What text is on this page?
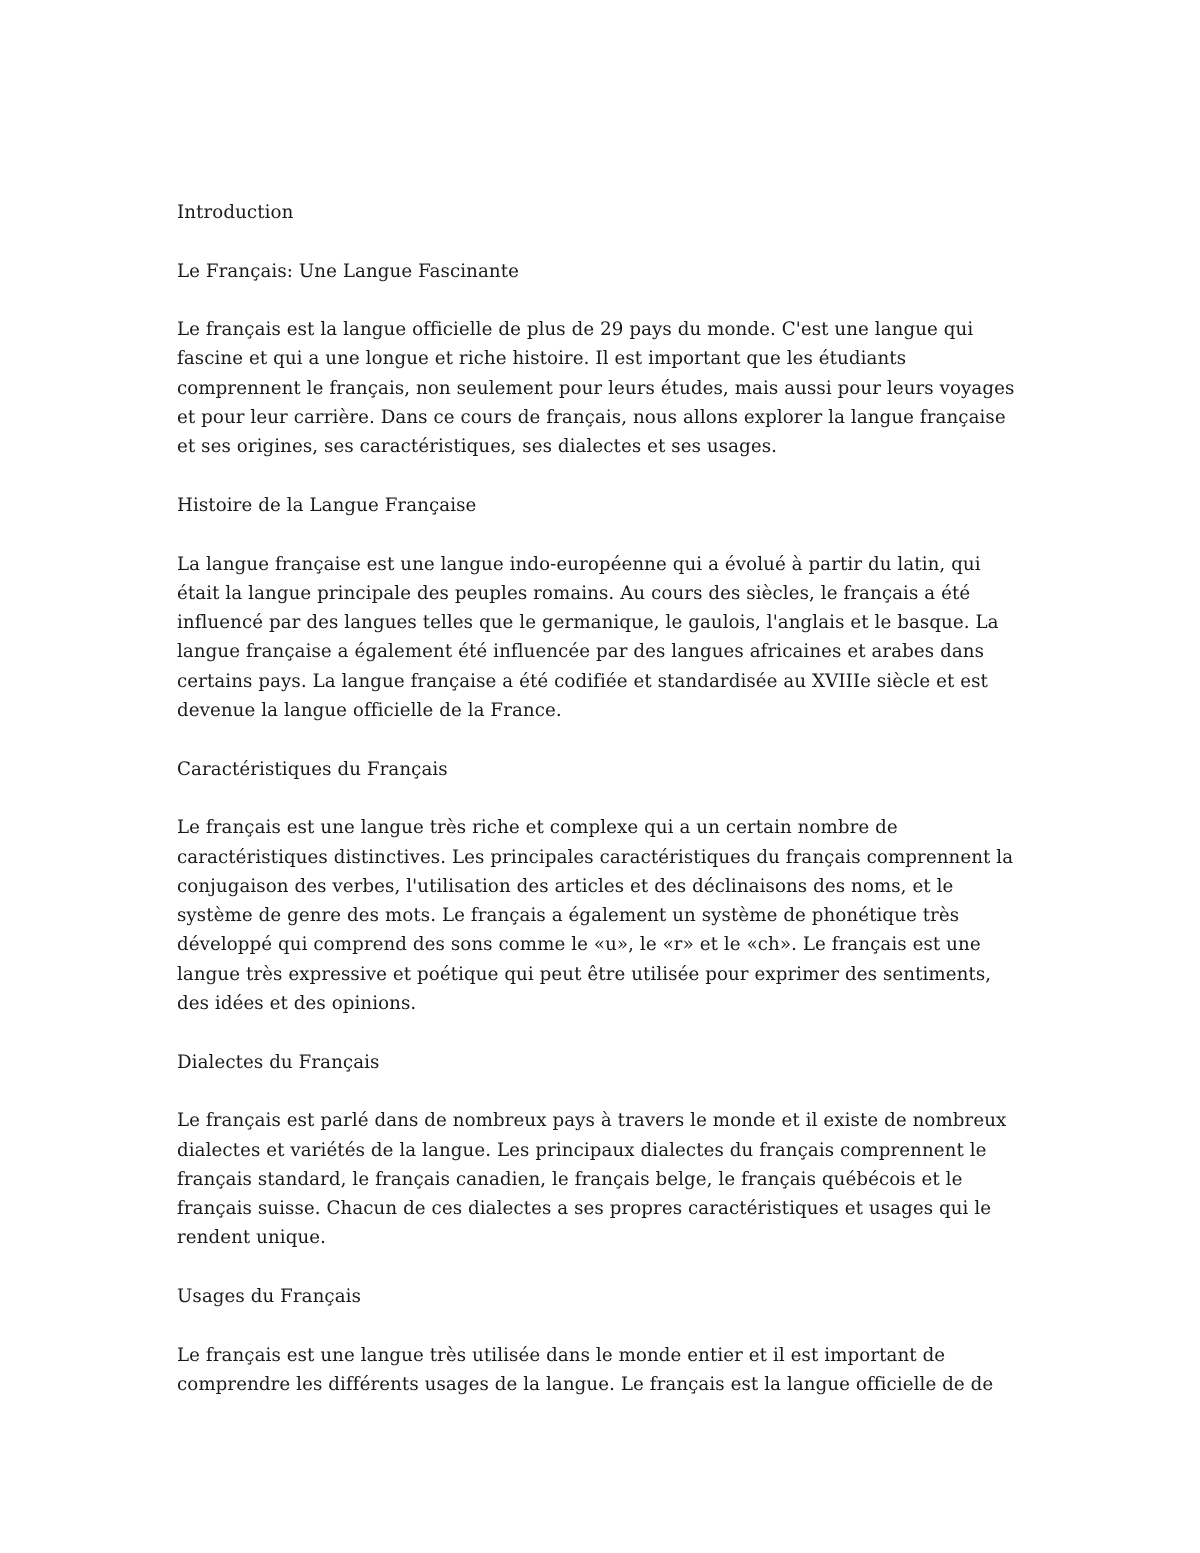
Introduction

Le Français: Une Langue Fascinante

Le français est la langue officielle de plus de 29 pays du monde. C'est une langue qui fascine et qui a une longue et riche histoire. Il est important que les étudiants comprennent le français, non seulement pour leurs études, mais aussi pour leurs voyages et pour leur carrière. Dans ce cours de français, nous allons explorer la langue française et ses origines, ses caractéristiques, ses dialectes et ses usages.

Histoire de la Langue Française

La langue française est une langue indo-européenne qui a évolué à partir du latin, qui était la langue principale des peuples romains. Au cours des siècles, le français a été influencé par des langues telles que le germanique, le gaulois, l'anglais et le basque. La langue française a également été influencée par des langues africaines et arabes dans certains pays. La langue française a été codifiée et standardisée au XVIIIe siècle et est devenue la langue officielle de la France.

Caractéristiques du Français

Le français est une langue très riche et complexe qui a un certain nombre de caractéristiques distinctives. Les principales caractéristiques du français comprennent la conjugaison des verbes, l'utilisation des articles et des déclinaisons des noms, et le système de genre des mots. Le français a également un système de phonétique très développé qui comprend des sons comme le «u», le «r» et le «ch». Le français est une langue très expressive et poétique qui peut être utilisée pour exprimer des sentiments, des idées et des opinions.

Dialectes du Français

Le français est parlé dans de nombreux pays à travers le monde et il existe de nombreux dialectes et variétés de la langue. Les principaux dialectes du français comprennent le français standard, le français canadien, le français belge, le français québécois et le français suisse. Chacun de ces dialectes a ses propres caractéristiques et usages qui le rendent unique.

Usages du Français

Le français est une langue très utilisée dans le monde entier et il est important de comprendre les différents usages de la langue. Le français est la langue officielle de de
